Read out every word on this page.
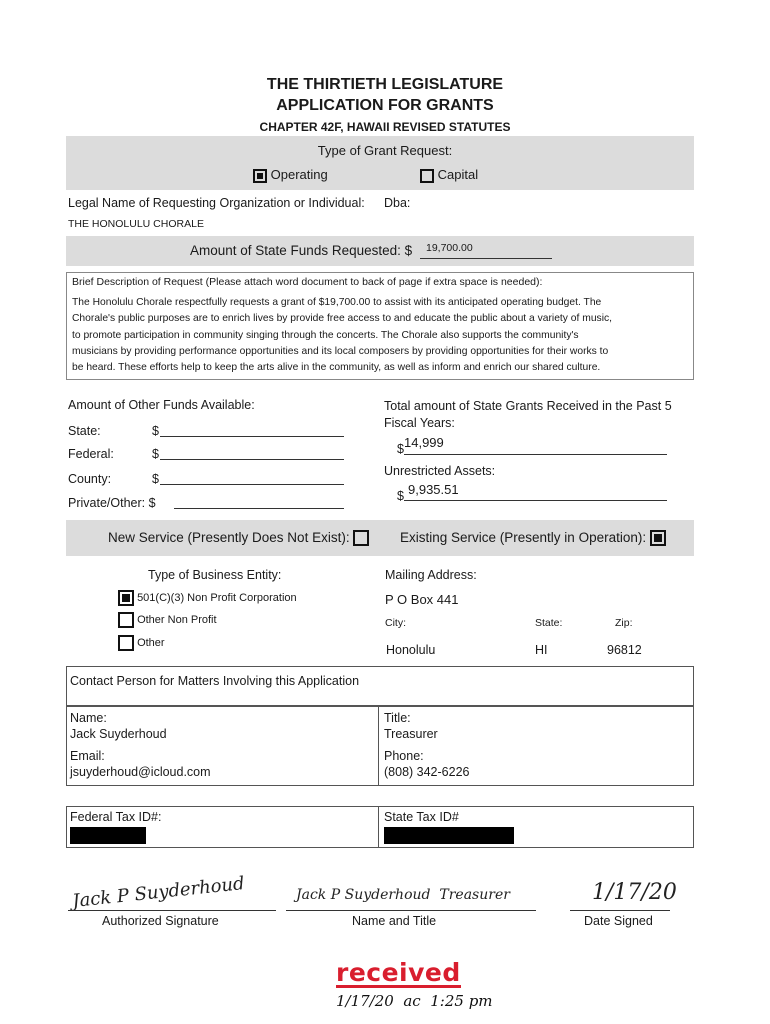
THE THIRTIETH LEGISLATURE
APPLICATION FOR GRANTS
CHAPTER 42F, HAWAII REVISED STATUTES
Type of Grant Request:
Operating	Capital
Legal Name of Requesting Organization or Individual: Dba:
THE HONOLULU CHORALE
Amount of State Funds Requested: $ 19,700.00
Brief Description of Request (Please attach word document to back of page if extra space is needed):
The Honolulu Chorale respectfully requests a grant of $19,700.00 to assist with its anticipated operating budget. The
Chorale's public purposes are to enrich lives by provide free access to and educate the public about a variety of music,
to promote participation in community singing through the concerts. The Chorale also supports the community's
musicians by providing performance opportunities and its local composers by providing opportunities for their works to
be heard. These efforts help to keep the arts alive in the community, as well as inform and enrich our shared culture.
Amount of Other Funds Available:
State:	$
Federal:	$
County:	$
Private/Other: $
Total amount of State Grants Received in the Past 5
Fiscal Years:
$ 14,999
Unrestricted Assets:
$ 9,935.51
New Service (Presently Does Not Exist):	Existing Service (Presently in Operation):
Type of Business Entity:
501(C)(3) Non Profit Corporation
Other Non Profit
Other
Mailing Address:
P O Box 441
City:	State:	Zip:
Honolulu	HI	96812
Contact Person for Matters Involving this Application
Name:
Jack Suyderhoud
Email:
jsuyderhoud@icloud.com
Title:
Treasurer
Phone:
(808) 342-6226
Federal Tax ID#:	State Tax ID#
Jack P Suyderhoud
Authorized Signature
Jack P Suyderhoud  Treasurer
Name and Title
1/17/20
Date Signed
received
1/17/20  ac  1:25 pm
